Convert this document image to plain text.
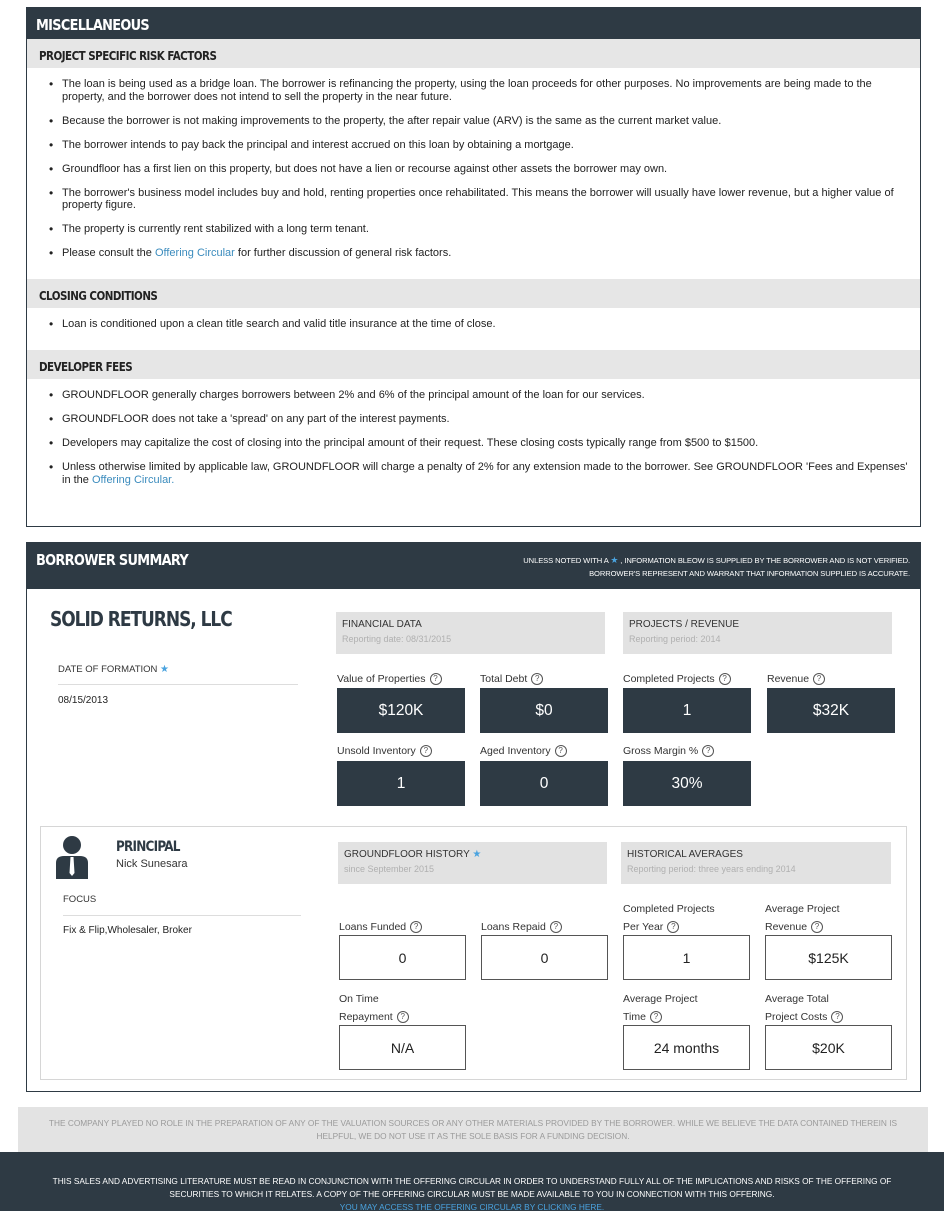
MISCELLANEOUS
PROJECT SPECIFIC RISK FACTORS
• The loan is being used as a bridge loan. The borrower is refinancing the property, using the loan proceeds for other purposes. No improvements are being made to the property, and the borrower does not intend to sell the property in the near future.
• Because the borrower is not making improvements to the property, the after repair value (ARV) is the same as the current market value.
• The borrower intends to pay back the principal and interest accrued on this loan by obtaining a mortgage.
• Groundfloor has a first lien on this property, but does not have a lien or recourse against other assets the borrower may own.
• The borrower's business model includes buy and hold, renting properties once rehabilitated. This means the borrower will usually have lower revenue, but a higher value of property figure.
• The property is currently rent stabilized with a long term tenant.
• Please consult the Offering Circular for further discussion of general risk factors.
CLOSING CONDITIONS
• Loan is conditioned upon a clean title search and valid title insurance at the time of close.
DEVELOPER FEES
• GROUNDFLOOR generally charges borrowers between 2% and 6% of the principal amount of the loan for our services.
• GROUNDFLOOR does not take a 'spread' on any part of the interest payments.
• Developers may capitalize the cost of closing into the principal amount of their request. These closing costs typically range from $500 to $1500.
• Unless otherwise limited by applicable law, GROUNDFLOOR will charge a penalty of 2% for any extension made to the borrower. See GROUNDFLOOR 'Fees and Expenses' in the Offering Circular.
BORROWER SUMMARY	UNLESS NOTED WITH A ★ , INFORMATION BLEOW IS SUPPLIED BY THE BORROWER AND IS NOT VERIFIED.
BORROWER'S REPRESENT AND WARRANT THAT INFORMATION SUPPLIED IS ACCURATE.
SOLID RETURNS, LLC
DATE OF FORMATION ★
08/15/2013
FINANCIAL DATA
Reporting date: 08/31/2015
PROJECTS / REVENUE
Reporting period: 2014
Value of Properties ?	Total Debt ?	Completed Projects ?	Revenue ?
$120K	$0	1	$32K
Unsold Inventory ?	Aged Inventory ?	Gross Margin % ?
1	0	30%
PRINCIPAL
Nick Sunesara
FOCUS
Fix & Flip,Wholesaler, Broker
GROUNDFLOOR HISTORY ★
since September 2015
HISTORICAL AVERAGES
Reporting period: three years ending 2014
Loans Funded ?	Loans Repaid ?
Completed Projects
Per Year ?
Average Project
Revenue ?
0	0	1	$125K
On Time
Repayment ?
Average Project
Time ?
Average Total
Project Costs ?
N/A	24 months	$20K
THE COMPANY PLAYED NO ROLE IN THE PREPARATION OF ANY OF THE VALUATION SOURCES OR ANY OTHER MATERIALS PROVIDED BY THE BORROWER. WHILE WE BELIEVE THE DATA CONTAINED THEREIN IS HELPFUL, WE DO NOT USE IT AS THE SOLE BASIS FOR A FUNDING DECISION.
THIS SALES AND ADVERTISING LITERATURE MUST BE READ IN CONJUNCTION WITH THE OFFERING CIRCULAR IN ORDER TO UNDERSTAND FULLY ALL OF THE IMPLICATIONS AND RISKS OF THE OFFERING OF SECURITIES TO WHICH IT RELATES. A COPY OF THE OFFERING CIRCULAR MUST BE MADE AVAILABLE TO YOU IN CONNECTION WITH THIS OFFERING.
YOU MAY ACCESS THE OFFERING CIRCULAR BY CLICKING HERE.
